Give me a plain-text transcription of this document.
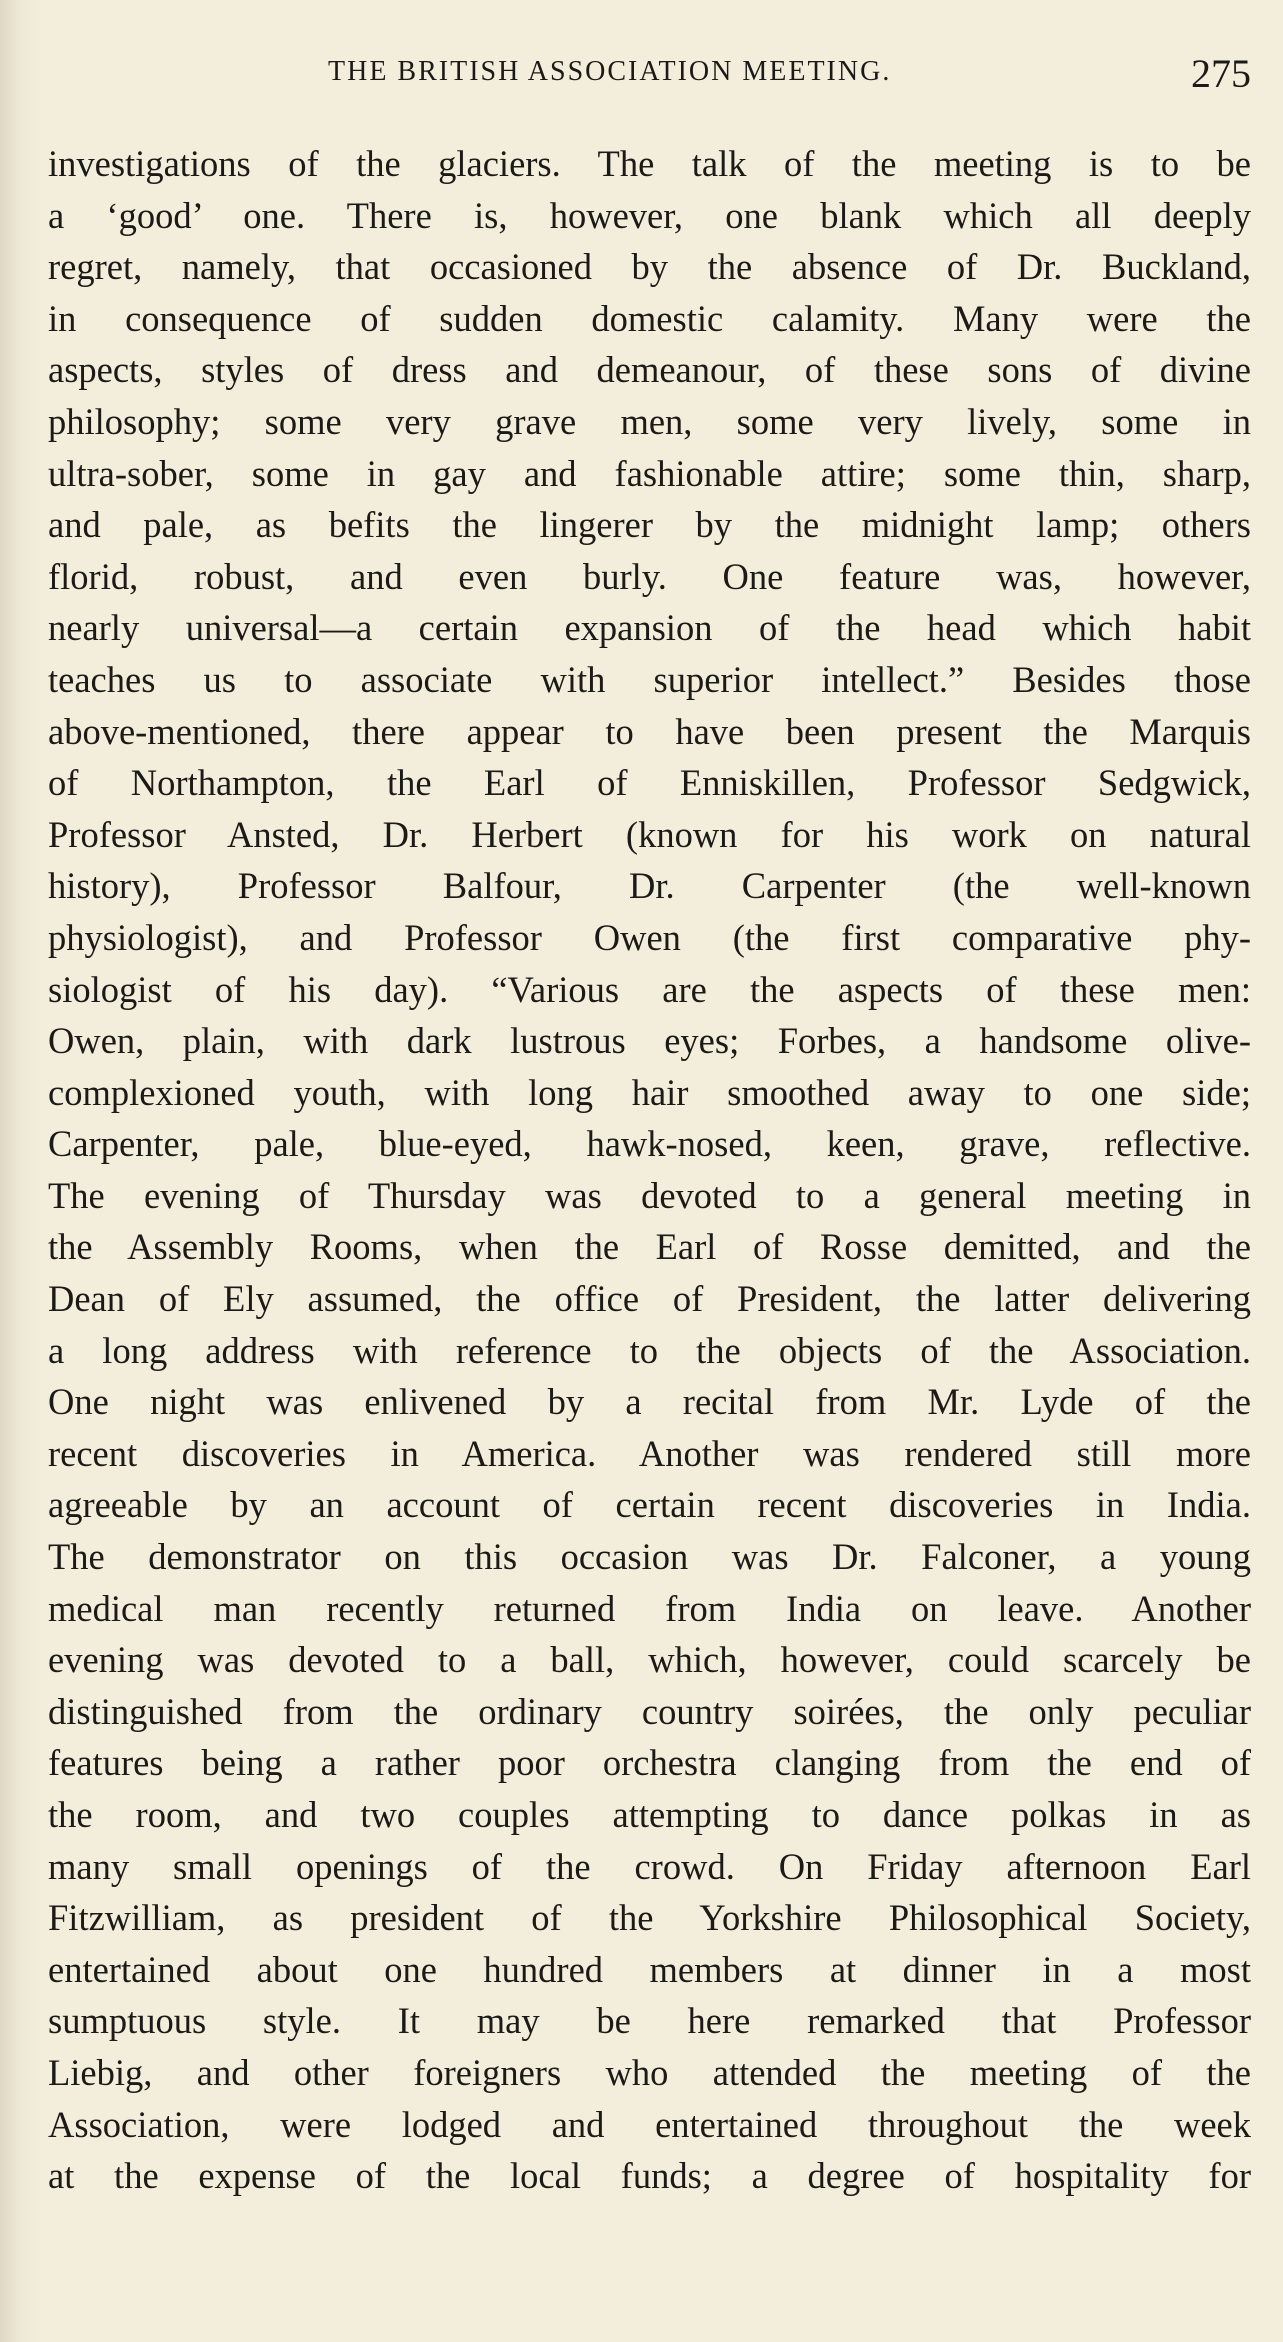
THE BRITISH ASSOCIATION MEETING.	275
investigations of the glaciers. The talk of the meeting is to be
a ‘good’ one. There is, however, one blank which all deeply
regret, namely, that occasioned by the absence of Dr. Buckland,
in consequence of sudden domestic calamity. Many were the
aspects, styles of dress and demeanour, of these sons of divine
philosophy; some very grave men, some very lively, some in
ultra-sober, some in gay and fashionable attire; some thin, sharp,
and pale, as befits the lingerer by the midnight lamp; others
florid, robust, and even burly. One feature was, however,
nearly universal—a certain expansion of the head which habit
teaches us to associate with superior intellect.” Besides those
above-mentioned, there appear to have been present the Marquis
of Northampton, the Earl of Enniskillen, Professor Sedgwick,
Professor Ansted, Dr. Herbert (known for his work on natural
history), Professor Balfour, Dr. Carpenter (the well-known
physiologist), and Professor Owen (the first comparative phy-
siologist of his day). “Various are the aspects of these men:
Owen, plain, with dark lustrous eyes; Forbes, a handsome olive-
complexioned youth, with long hair smoothed away to one side;
Carpenter, pale, blue-eyed, hawk-nosed, keen, grave, reflective.
The evening of Thursday was devoted to a general meeting in
the Assembly Rooms, when the Earl of Rosse demitted, and the
Dean of Ely assumed, the office of President, the latter delivering
a long address with reference to the objects of the Association.
One night was enlivened by a recital from Mr. Lyde of the
recent discoveries in America. Another was rendered still more
agreeable by an account of certain recent discoveries in India.
The demonstrator on this occasion was Dr. Falconer, a young
medical man recently returned from India on leave. Another
evening was devoted to a ball, which, however, could scarcely be
distinguished from the ordinary country soirées, the only peculiar
features being a rather poor orchestra clanging from the end of
the room, and two couples attempting to dance polkas in as
many small openings of the crowd. On Friday afternoon Earl
Fitzwilliam, as president of the Yorkshire Philosophical Society,
entertained about one hundred members at dinner in a most
sumptuous style. It may be here remarked that Professor
Liebig, and other foreigners who attended the meeting of the
Association, were lodged and entertained throughout the week
at the expense of the local funds; a degree of hospitality for
